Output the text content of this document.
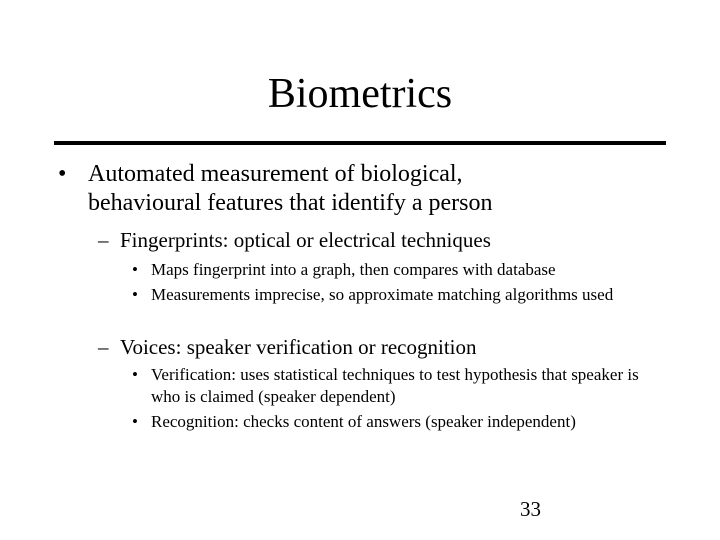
Biometrics
• Automated measurement of biological, behavioural features that identify a person
– Fingerprints: optical or electrical techniques
• Maps fingerprint into a graph, then compares with database
• Measurements imprecise, so approximate matching algorithms used
– Voices: speaker verification or recognition
• Verification: uses statistical techniques to test hypothesis that speaker is who is claimed (speaker dependent)
• Recognition: checks content of answers (speaker independent)
33
